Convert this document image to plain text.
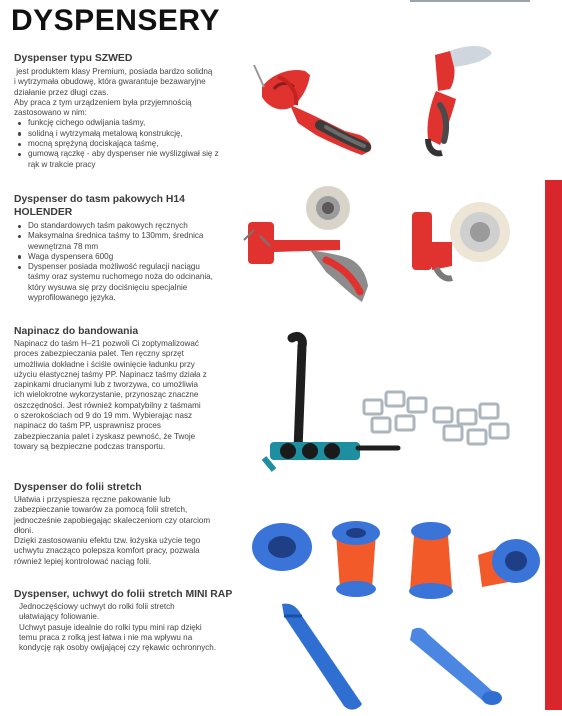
DYSPENSERY
Dyspenser typu SZWED
jest produktem klasy Premium, posiada bardzo solidną
i wytrzymała obudowę, która gwarantuje bezawaryjne
działanie przez długi czas.
Aby praca z tym urządzeniem była przyjemnością
zastosowano w nim:
funkcję cichego odwijania taśmy,
solidną i wytrzymałą metalową konstrukcję,
mocną sprężyną dociskająca taśmę,
gumową rączkę - aby dyspenser nie wyślizgiwał się z
rąk w trakcie pracy
Dyspenser do tasm pakowych H14
HOLENDER
Do standardowych taśm pakowych ręcznych
Maksymalna średnica taśmy to 130mm, średnica
wewnętrzna 78 mm
Waga dyspensera 600g
Dyspenser posiada możliwość regulacji naciągu
taśmy oraz systemu ruchomego noża do odcinania,
który wysuwa się przy dociśnięciu specjalnie
wyprofilowanego języka.
Napinacz do bandowania
Napinacz do taśm H–21 pozwoli Ci zoptymalizować
proces zabezpieczania palet. Ten ręczny sprzęt
umożliwia dokładne i ściśle owinięcie ładunku przy
użyciu elastycznej taśmy PP. Napinacz taśmy działa z
zapinkami drucianymi lub z tworzywa, co umożliwia
ich wielokrotne wykorzystanie, przynosząc znaczne
oszczędności. Jest również kompatybilny z taśmami
o szerokościach od 9 do 19 mm. Wybierając nasz
napinacz do taśm PP, usprawnisz proces
zabezpieczania palet i zyskasz pewność, że Twoje
towary są bezpieczne podczas transportu.
Dyspenser do folii stretch
Ułatwia i przyspiesza ręczne pakowanie lub
zabezpieczanie towarów za pomocą folii stretch,
jednocześnie zapobiegając skaleczeniom czy otarciom
dłoni.
Dzięki zastosowaniu efektu tzw. łożyska użycie tego
uchwytu znacząco polepsza komfort pracy, pozwala
również lepiej kontrolować naciąg folii.
Dyspenser, uchwyt do folii stretch MINI RAP
Jednoczęściowy uchwyt do rolki folii stretch
ułatwiający foliowanie.
Uchwyt pasuje idealnie do rolki typu mini rap dzięki
temu praca z rolką jest łatwa i nie ma wpływu na
kondycję rąk osoby owijającej czy rękawic ochronnych.
